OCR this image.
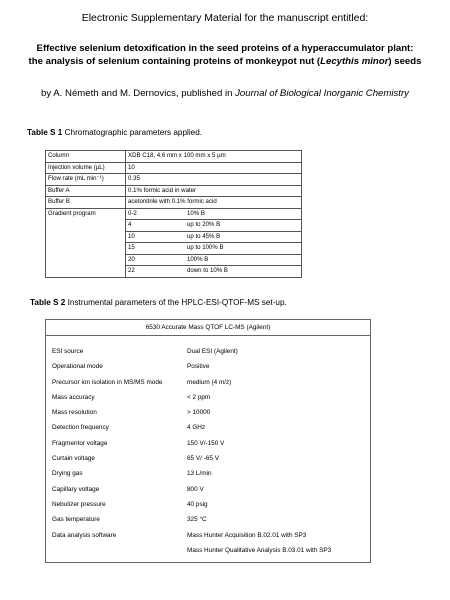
Electronic Supplementary Material for the manuscript entitled:
Effective selenium detoxification in the seed proteins of a hyperaccumulator plant:
the analysis of selenium containing proteins of monkeypot nut (Lecythis minor) seeds
by A. Németh and M. Dernovics, published in Journal of Biological Inorganic Chemistry
Table S 1 Chromatographic parameters applied.
Column	XDB C18, 4.6 mm x 100 mm x 5 µm	
Injection volume (µL)	10	
Flow rate (mL min⁻¹)	0.35	
Buffer A	0.1% formic acid in water	
Buffer B	acetonitrile with 0.1% formic acid	
Gradient program	0-2	10% B
	4	up to 20% B
	10	up to 45% B
	15	up to 100% B
	20	100% B
	22	down to 10% B
Table S 2 Instrumental parameters of the HPLC-ESI-QTOF-MS set-up.
6530 Accurate Mass QTOF LC-MS (Agilent)
ESI source	Dual ESI (Agilent)
Operational mode	Positive
Precursor ion isolation in MS/MS mode	medium (4 m/z)
Mass accuracy	< 2 ppm
Mass resolution	> 10000
Detection frequency	4 GHz
Fragmentor voltage	150 V/-150 V
Curtain voltage	65 V/ -65 V
Drying gas	13 L/min
Capillary voltage	800 V
Nebulizer pressure	40 psig
Gas temperature	325 °C
Data analysis software	Mass Hunter Acquisition B.02.01 with SP3
Mass Hunter Qualitative Analysis B.03.01 with SP3
